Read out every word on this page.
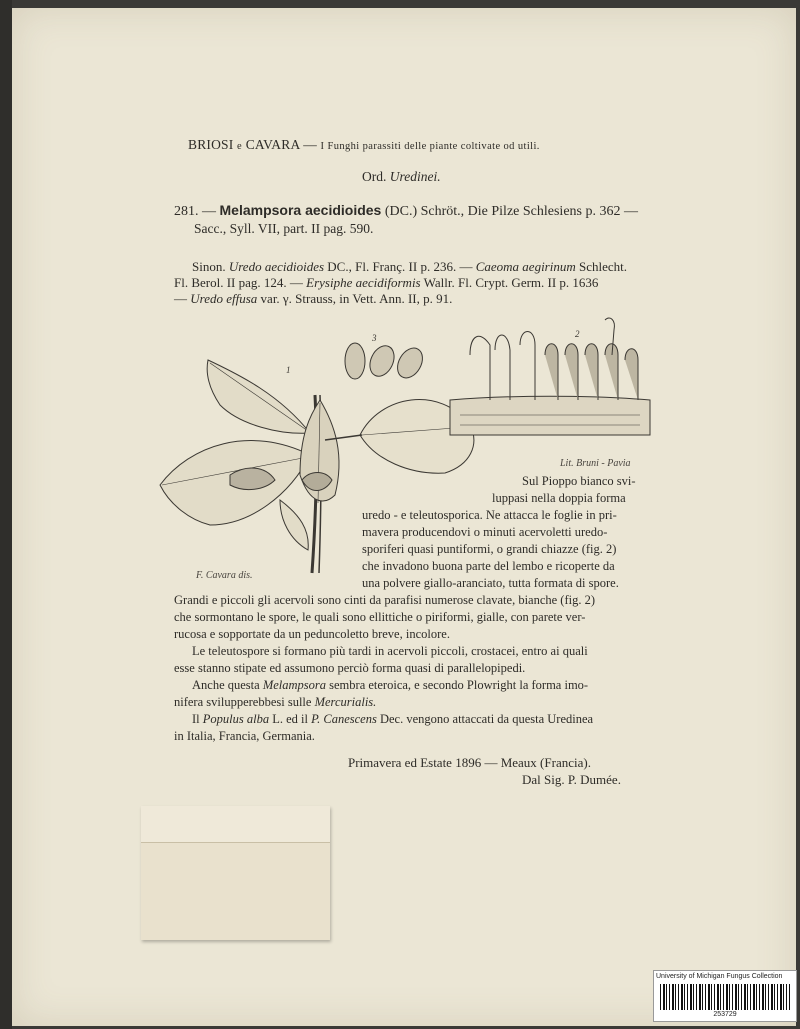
BRIOSI e CAVARA — I Funghi parassiti delle piante coltivate od utili.
Ord. Uredinei.
281. — Melampsora aecidioides (DC.) Schröt., Die Pilze Schlesiens p. 362 —
Sacc., Syll. VII, part. II pag. 590.
Sinon. Uredo aecidioides DC., Fl. Franç. II p. 236. — Caeoma aegirinum Schlecht.
Fl. Berol. II pag. 124. — Erysiphe aecidiformis Wallr. Fl. Crypt. Germ. II p. 1636
— Uredo effusa var. γ. Strauss, in Vett. Ann. II, p. 91.
1
3	2
F. Cavara dis.
Lit. Bruni - Pavia
Sul Pioppo bianco svi-
luppasi nella doppia forma
uredo - e teleutosporica. Ne attacca le foglie in pri-
mavera producendovi o minuti acervoletti uredo-
sporiferi quasi puntiformi, o grandi chiazze (fig. 2)
che invadono buona parte del lembo e ricoperte da
una polvere giallo-aranciato, tutta formata di spore.
Grandi e piccoli gli acervoli sono cinti da parafisi numerose clavate, bianche (fig. 2)
che sormontano le spore, le quali sono ellittiche o piriformi, gialle, con parete ver-
rucosa e sopportate da un peduncoletto breve, incolore.
Le teleutospore si formano più tardi in acervoli piccoli, crostacei, entro ai quali
esse stanno stipate ed assumono perciò forma quasi di parallelopipedi.
Anche questa Melampsora sembra eteroica, e secondo Plowright la forma imo-
nifera svilupperebbesi sulle Mercurialis.
Il Populus alba L. ed il P. Canescens Dec. vengono attaccati da questa Uredinea
in Italia, Francia, Germania.
Primavera ed Estate 1896 — Meaux (Francia).
Dal Sig. P. Dumée.
University of Michigan Fungus Collection
253729
